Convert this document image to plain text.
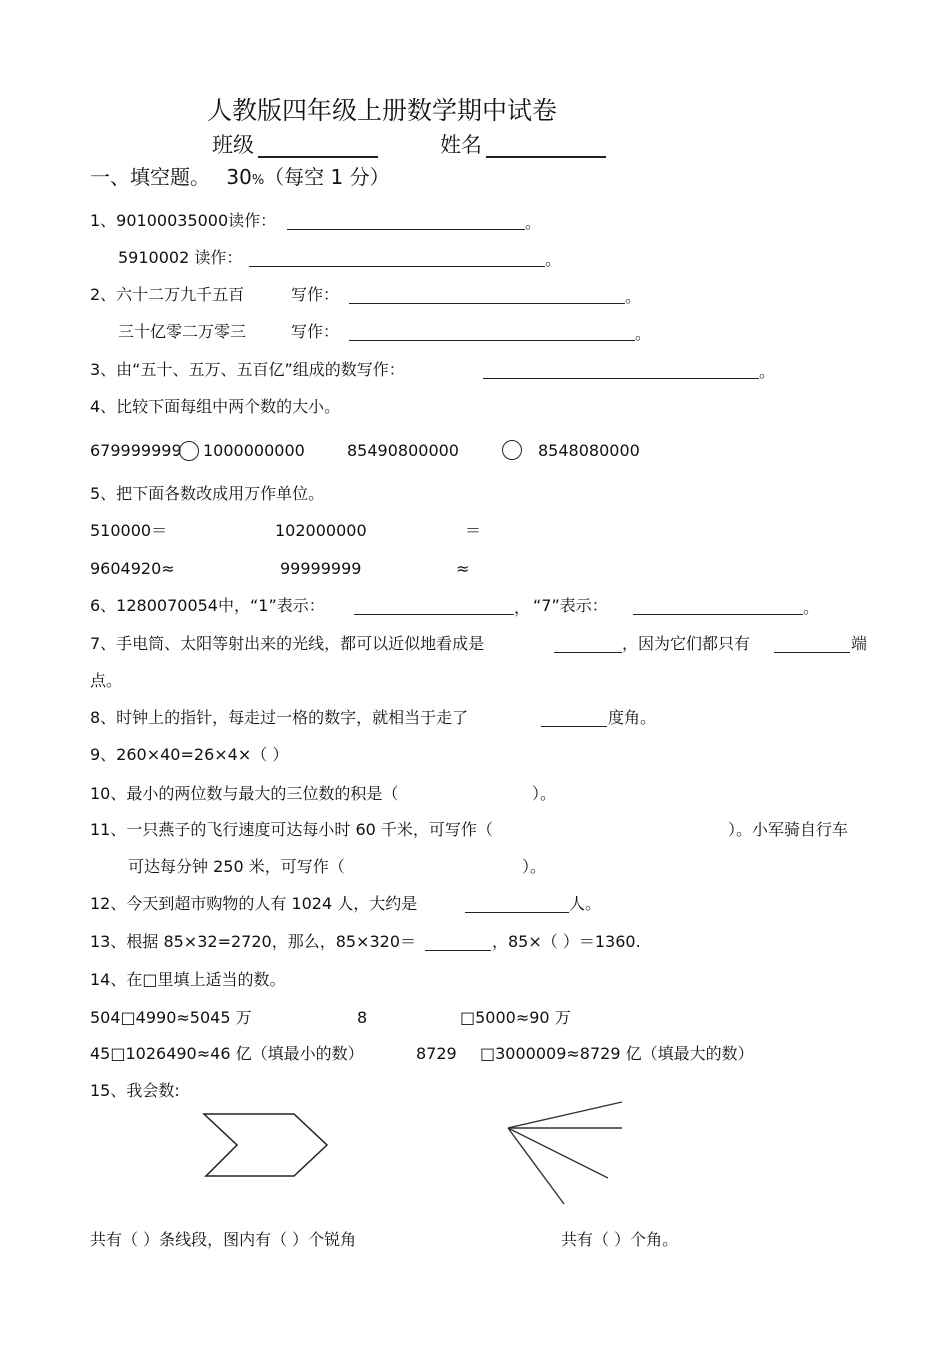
人教版四年级上册数学期中试卷
班级	姓名
一、填空题。 30%（每空 1 分）
1、90100035000读作：	。
5910002 读作：	。
2、六十二万九千五百	写作：	。
三十亿零二万零三	写作：	。
3、由“五十、五万、五百亿”组成的数写作：	。
4、比较下面每组中两个数的大小。
679999999 1000000000	85490800000	8548080000
5、把下面各数改成用万作单位。
510000＝	102000000	＝
9604920≈	99999999	≈
6、1280070054中，“1”表示：	， “7”表示：	。
7、手电筒、太阳等射出来的光线，都可以近似地看成是	，因为它们都只有	端
点。
8、时钟上的指针，每走过一格的数字，就相当于走了	度角。
9、260×40=26×4×（ ）
10、最小的两位数与最大的三位数的积是（	）。
11、一只燕子的飞行速度可达每小时 60 千米，可写作（	）。小军骑自行车
可达每分钟 250 米，可写作（	）。
12、今天到超市购物的人有 1024 人，大约是	人。
13、根据 85×32=2720，那么，85×320＝	，85×（ ）＝1360.
14、在□里填上适当的数。
504□4990≈5045 万	8	□5000≈90 万
45□1026490≈46 亿（填最小的数）	8729 □3000009≈8729 亿（填最大的数）
15、我会数:
共有（ ）条线段，图内有（ ）个锐角	共有（ ）个角。
